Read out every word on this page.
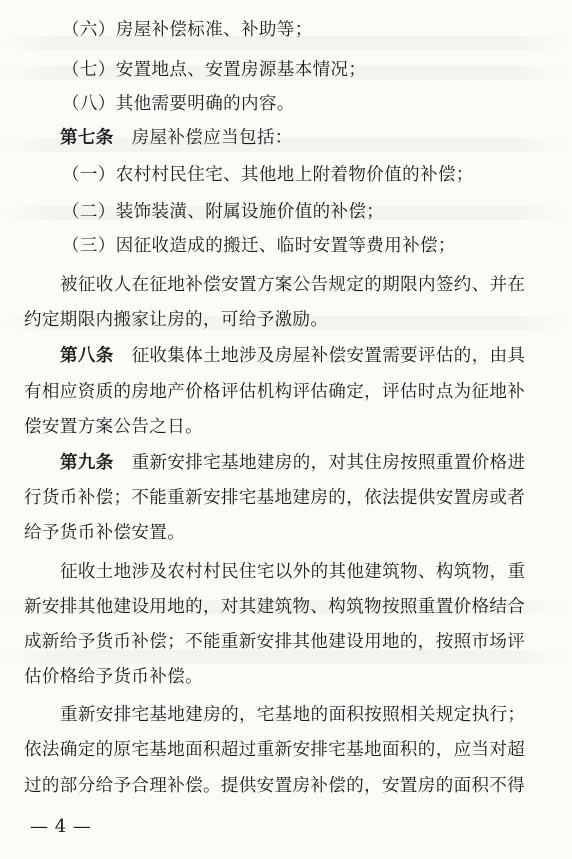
（六）房屋补偿标准、补助等；
（七）安置地点、安置房源基本情况；
（八）其他需要明确的内容。
第七条　房屋补偿应当包括：
（一）农村村民住宅、其他地上附着物价值的补偿；
（二）装饰装潢、附属设施价值的补偿；
（三）因征收造成的搬迁、临时安置等费用补偿；
被征收人在征地补偿安置方案公告规定的期限内签约、并在
约定期限内搬家让房的，可给予激励。
第八条　征收集体土地涉及房屋补偿安置需要评估的，由具
有相应资质的房地产价格评估机构评估确定，评估时点为征地补
偿安置方案公告之日。
第九条　重新安排宅基地建房的，对其住房按照重置价格进
行货币补偿；不能重新安排宅基地建房的，依法提供安置房或者
给予货币补偿安置。
征收土地涉及农村村民住宅以外的其他建筑物、构筑物，重
新安排其他建设用地的，对其建筑物、构筑物按照重置价格结合
成新给予货币补偿；不能重新安排其他建设用地的，按照市场评
估价格给予货币补偿。
重新安排宅基地建房的，宅基地的面积按照相关规定执行；
依法确定的原宅基地面积超过重新安排宅基地面积的，应当对超
过的部分给予合理补偿。提供安置房补偿的，安置房的面积不得
— 4 —
